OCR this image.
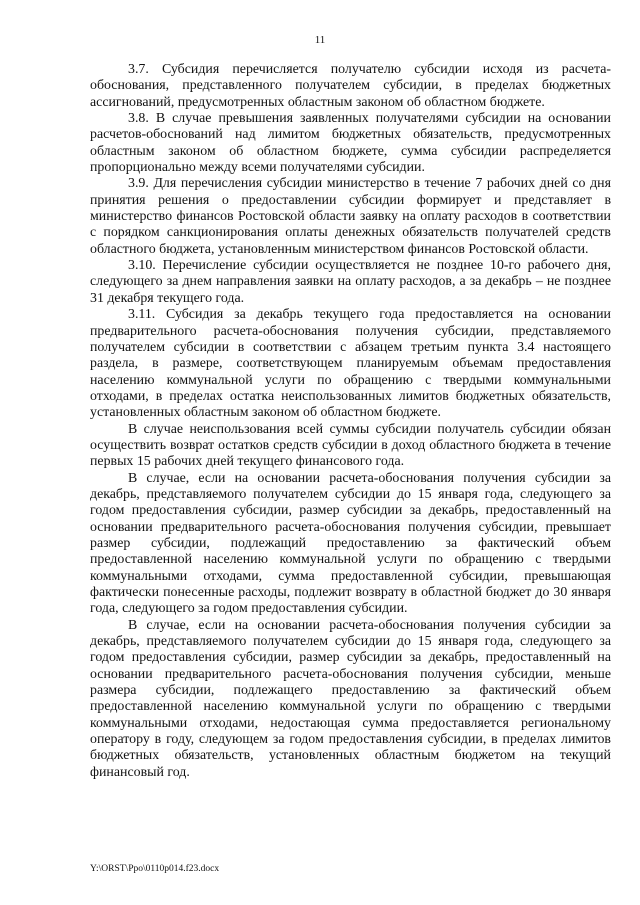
11

3.7. Субсидия перечисляется получателю субсидии исходя из расчета-обоснования, представленного получателем субсидии, в пределах бюджетных ассигнований, предусмотренных областным законом об областном бюджете.

3.8. В случае превышения заявленных получателями субсидии на основании расчетов-обоснований над лимитом бюджетных обязательств, предусмотренных областным законом об областном бюджете, сумма субсидии распределяется пропорционально между всеми получателями субсидии.

3.9. Для перечисления субсидии министерство в течение 7 рабочих дней со дня принятия решения о предоставлении субсидии формирует и представляет в министерство финансов Ростовской области заявку на оплату расходов в соответствии с порядком санкционирования оплаты денежных обязательств получателей средств областного бюджета, установленным министерством финансов Ростовской области.

3.10. Перечисление субсидии осуществляется не позднее 10-го рабочего дня, следующего за днем направления заявки на оплату расходов, а за декабрь – не позднее 31 декабря текущего года.

3.11. Субсидия за декабрь текущего года предоставляется на основании предварительного расчета-обоснования получения субсидии, представляемого получателем субсидии в соответствии с абзацем третьим пункта 3.4 настоящего раздела, в размере, соответствующем планируемым объемам предоставления населению коммунальной услуги по обращению с твердыми коммунальными отходами, в пределах остатка неиспользованных лимитов бюджетных обязательств, установленных областным законом об областном бюджете.

В случае неиспользования всей суммы субсидии получатель субсидии обязан осуществить возврат остатков средств субсидии в доход областного бюджета в течение первых 15 рабочих дней текущего финансового года.

В случае, если на основании расчета-обоснования получения субсидии за декабрь, представляемого получателем субсидии до 15 января года, следующего за годом предоставления субсидии, размер субсидии за декабрь, предоставленный на основании предварительного расчета-обоснования получения субсидии, превышает размер субсидии, подлежащий предоставлению за фактический объем предоставленной населению коммунальной услуги по обращению с твердыми коммунальными отходами, сумма предоставленной субсидии, превышающая фактически понесенные расходы, подлежит возврату в областной бюджет до 30 января года, следующего за годом предоставления субсидии.

В случае, если на основании расчета-обоснования получения субсидии за декабрь, представляемого получателем субсидии до 15 января года, следующего за годом предоставления субсидии, размер субсидии за декабрь, предоставленный на основании предварительного расчета-обоснования получения субсидии, меньше размера субсидии, подлежащего предоставлению за фактический объем предоставленной населению коммунальной услуги по обращению с твердыми коммунальными отходами, недостающая сумма предоставляется региональному оператору в году, следующем за годом предоставления субсидии, в пределах лимитов бюджетных обязательств, установленных областным бюджетом на текущий финансовый год.

Y:\ORST\Ppo\0110p014.f23.docx
